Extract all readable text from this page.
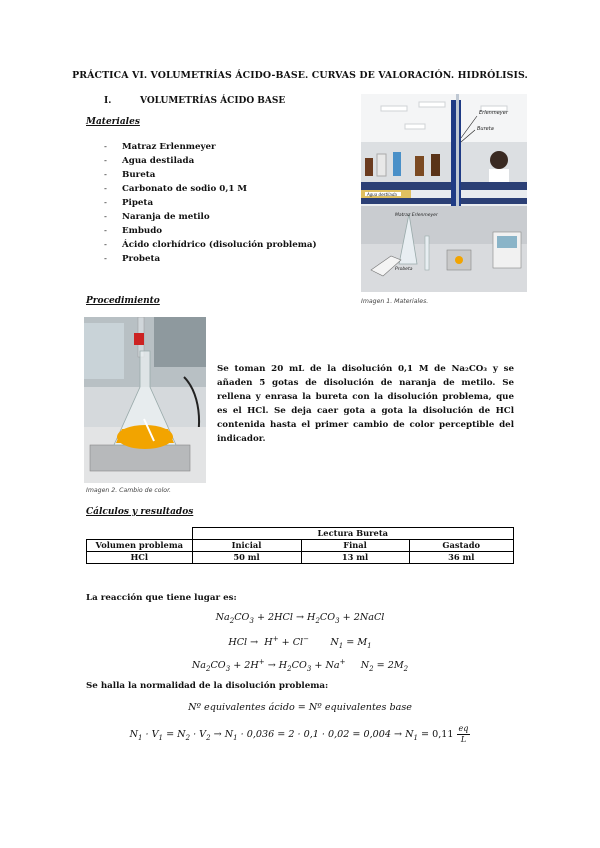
PRÁCTICA VI. VOLUMETRÍAS ÁCIDO-BASE. CURVAS DE VALORACIÓN. HIDRÓLISIS.
I.	VOLUMETRÍAS ÁCIDO BASE
Materiales
- Matraz Erlenmeyer
- Agua destilada
- Bureta
- Carbonato de sodio 0,1 M
- Pipeta
- Naranja de metilo
- Embudo
- Ácido clorhídrico (disolución problema)
- Probeta
Erlenmeyer
Bureta
Matraz Erlenmeyer
Agua destilada
Probeta
Imagen 1. Materiales.
Procedimiento
Imagen 2. Cambio de color.
Se toman 20 mL de la disolución 0,1 M de Na₂CO₃ y se añaden 5 gotas de disolución de naranja de metilo. Se rellena y enrasa la bureta con la disolución problema, que es el HCl. Se deja caer gota a gota la disolución de HCl contenida hasta el primer cambio de color perceptible del indicador.
Cálculos y resultados
	Lectura Bureta		
Volumen problema	Inicial	Final	Gastado
HCl	50 ml	13 ml	36 ml
La reacción que tiene lugar es:
$Na_2CO_3 + 2HCl \to H_2CO_3$ + 2NaCl
HCl →  H+ + Cl−       $N_1 = M_1$
$Na_2CO_3 + 2H^+ \to H_2CO_3 + Na^+$     $N_2 = 2M_2$
Se halla la normalidad de la disolución problema:
Nº equivalentes ácido = Nº equivalentes base
$N_1 \cdot V_1 = N_2 \cdot V_2 \to N_1 \cdot 0,036 = 2 \cdot 0,1 \cdot 0,02 = 0,004 \to N_1 = 0,11 \frac{eq}{L}$
